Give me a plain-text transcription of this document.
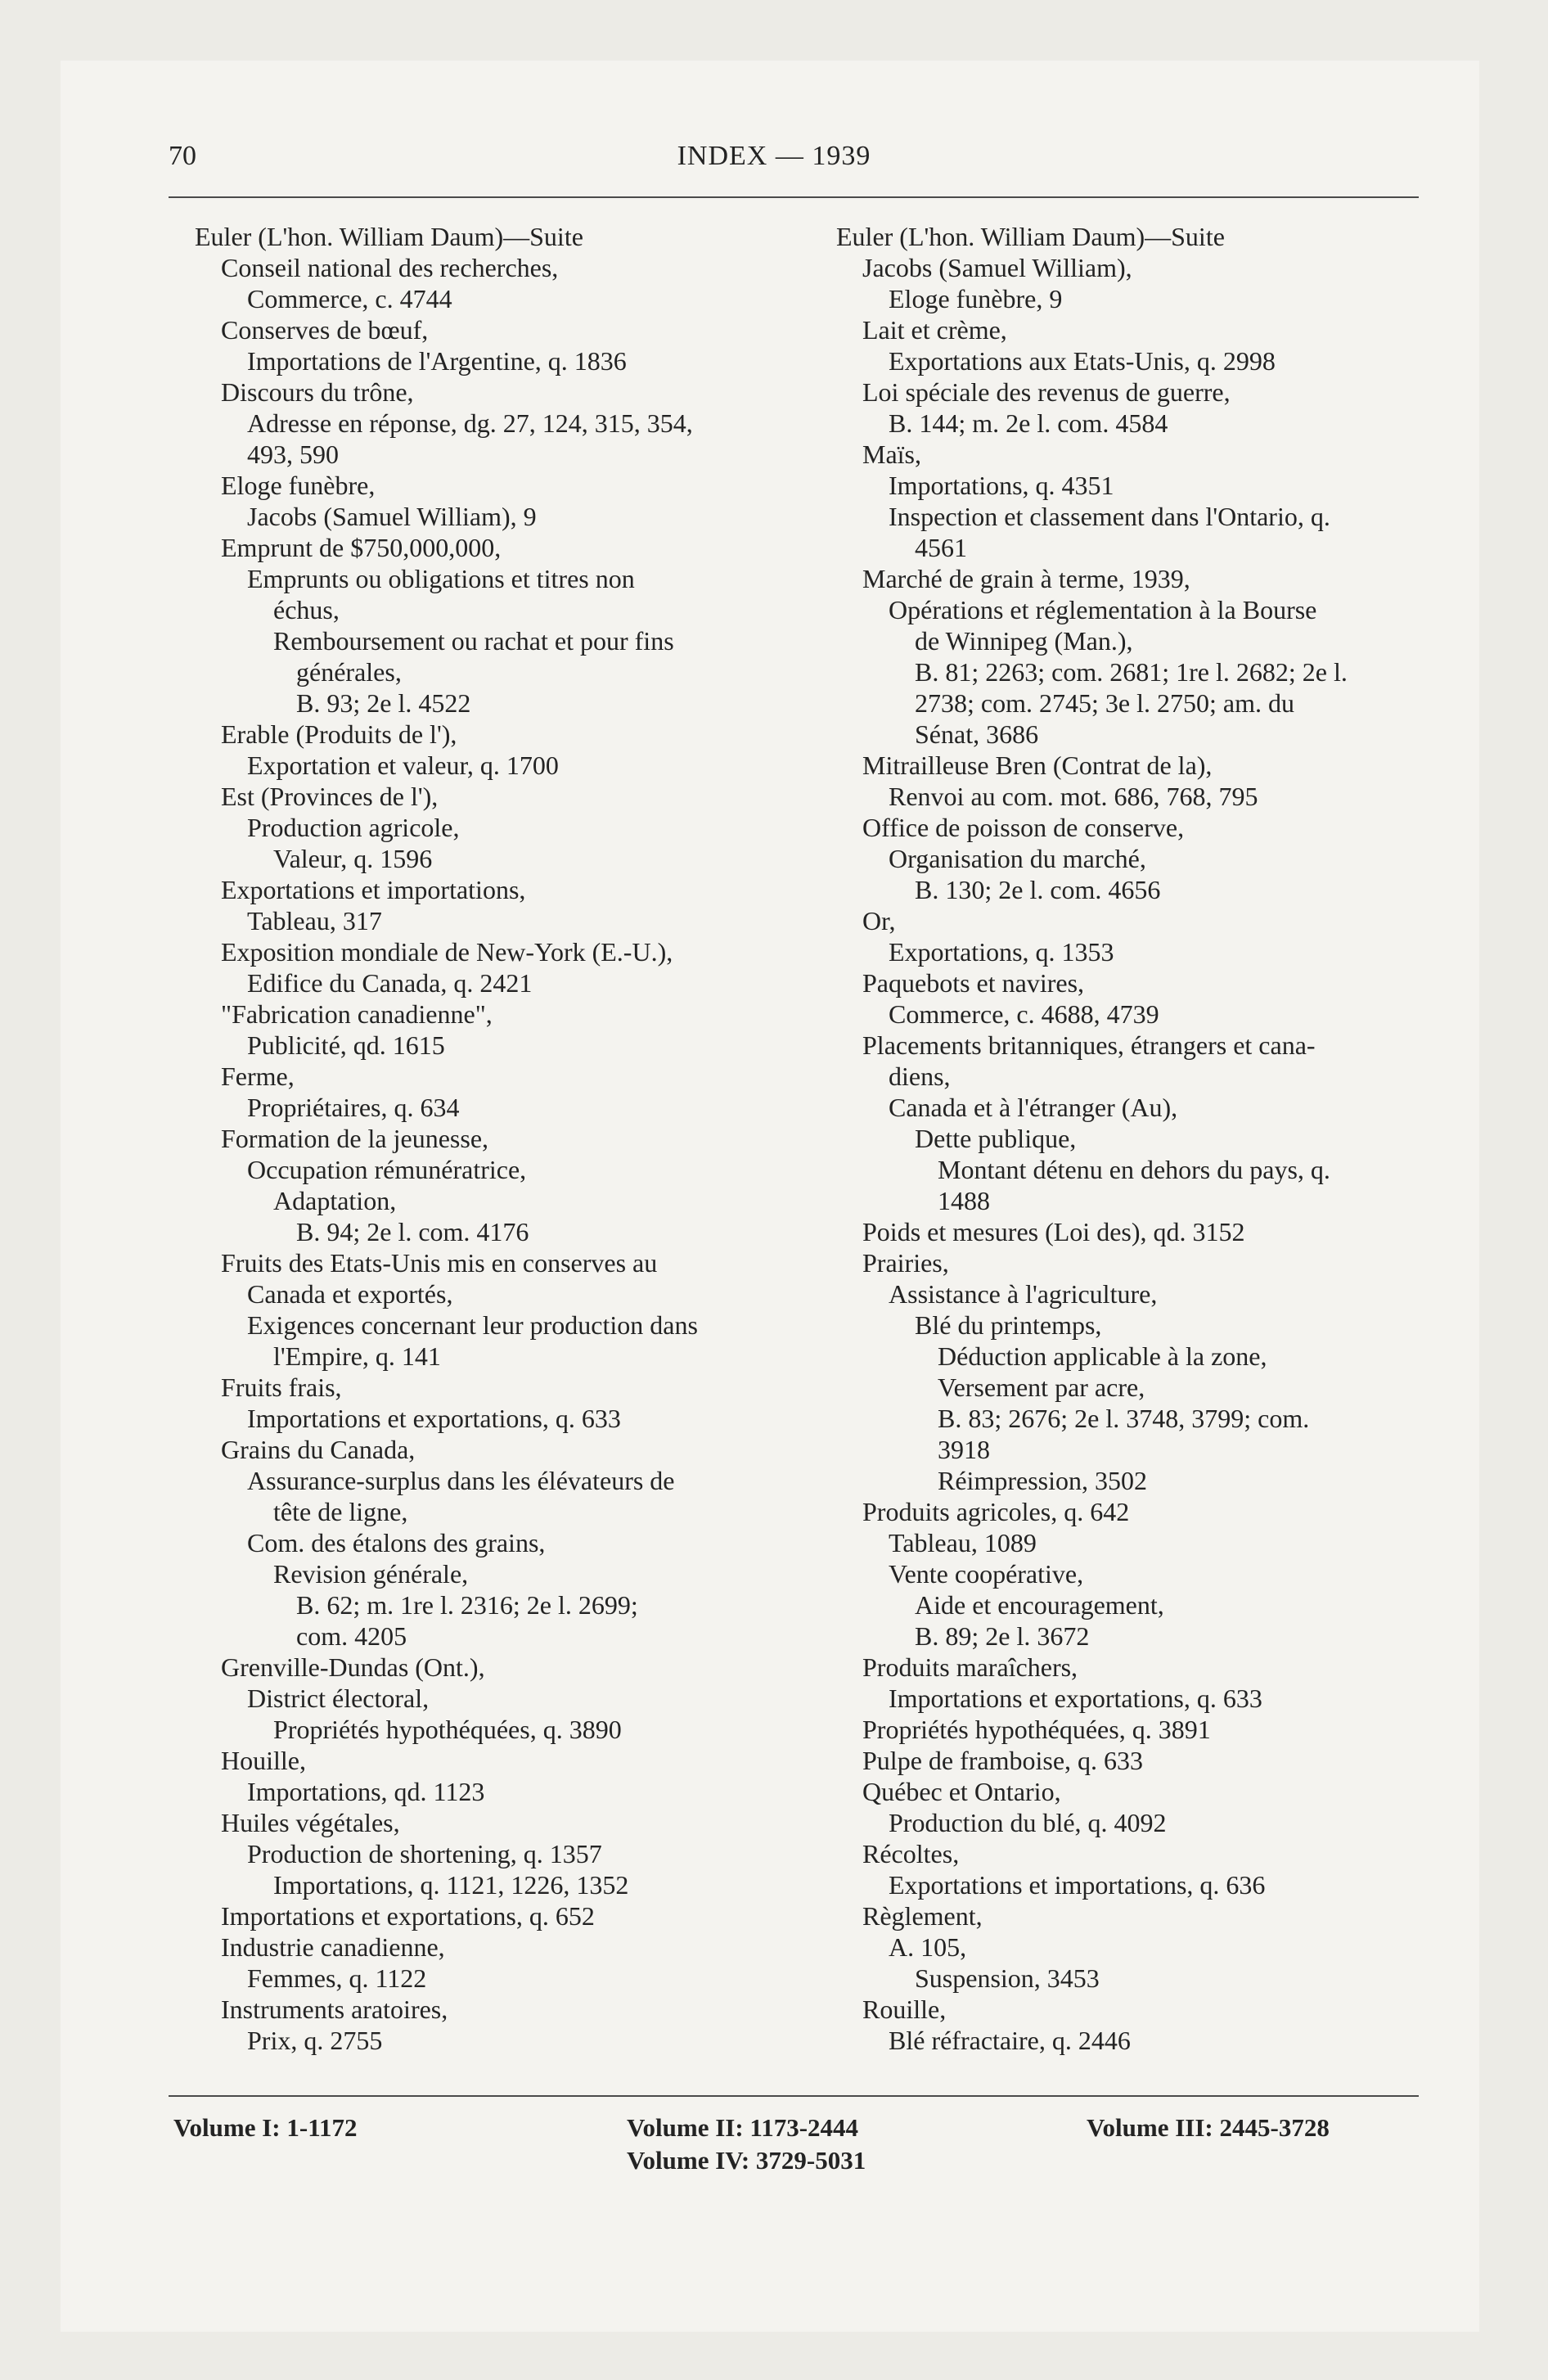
70	INDEX — 1939
Euler (L'hon. William Daum)—Suite
Conseil national des recherches,
Commerce, c. 4744
Conserves de bœuf,
Importations de l'Argentine, q. 1836
Discours du trône,
Adresse en réponse, dg. 27, 124, 315, 354,
493, 590
Eloge funèbre,
Jacobs (Samuel William), 9
Emprunt de $750,000,000,
Emprunts ou obligations et titres non
échus,
Remboursement ou rachat et pour fins
générales,
B. 93; 2e l. 4522
Erable (Produits de l'),
Exportation et valeur, q. 1700
Est (Provinces de l'),
Production agricole,
Valeur, q. 1596
Exportations et importations,
Tableau, 317
Exposition mondiale de New-York (E.-U.),
Edifice du Canada, q. 2421
"Fabrication canadienne",
Publicité, qd. 1615
Ferme,
Propriétaires, q. 634
Formation de la jeunesse,
Occupation rémunératrice,
Adaptation,
B. 94; 2e l. com. 4176
Fruits des Etats-Unis mis en conserves au
Canada et exportés,
Exigences concernant leur production dans
l'Empire, q. 141
Fruits frais,
Importations et exportations, q. 633
Grains du Canada,
Assurance-surplus dans les élévateurs de
tête de ligne,
Com. des étalons des grains,
Revision générale,
B. 62; m. 1re l. 2316; 2e l. 2699;
com. 4205
Grenville-Dundas (Ont.),
District électoral,
Propriétés hypothéquées, q. 3890
Houille,
Importations, qd. 1123
Huiles végétales,
Production de shortening, q. 1357
Importations, q. 1121, 1226, 1352
Importations et exportations, q. 652
Industrie canadienne,
Femmes, q. 1122
Instruments aratoires,
Prix, q. 2755
Euler (L'hon. William Daum)—Suite
Jacobs (Samuel William),
Eloge funèbre, 9
Lait et crème,
Exportations aux Etats-Unis, q. 2998
Loi spéciale des revenus de guerre,
B. 144; m. 2e l. com. 4584
Maïs,
Importations, q. 4351
Inspection et classement dans l'Ontario, q.
4561
Marché de grain à terme, 1939,
Opérations et réglementation à la Bourse
de Winnipeg (Man.),
B. 81; 2263; com. 2681; 1re l. 2682; 2e l.
2738; com. 2745; 3e l. 2750; am. du
Sénat, 3686
Mitrailleuse Bren (Contrat de la),
Renvoi au com. mot. 686, 768, 795
Office de poisson de conserve,
Organisation du marché,
B. 130; 2e l. com. 4656
Or,
Exportations, q. 1353
Paquebots et navires,
Commerce, c. 4688, 4739
Placements britanniques, étrangers et cana-
diens,
Canada et à l'étranger (Au),
Dette publique,
Montant détenu en dehors du pays, q.
1488
Poids et mesures (Loi des), qd. 3152
Prairies,
Assistance à l'agriculture,
Blé du printemps,
Déduction applicable à la zone,
Versement par acre,
B. 83; 2676; 2e l. 3748, 3799; com.
3918
Réimpression, 3502
Produits agricoles, q. 642
Tableau, 1089
Vente coopérative,
Aide et encouragement,
B. 89; 2e l. 3672
Produits maraîchers,
Importations et exportations, q. 633
Propriétés hypothéquées, q. 3891
Pulpe de framboise, q. 633
Québec et Ontario,
Production du blé, q. 4092
Récoltes,
Exportations et importations, q. 636
Règlement,
A. 105,
Suspension, 3453
Rouille,
Blé réfractaire, q. 2446
Volume I: 1-1172	Volume II: 1173-2444	Volume III: 2445-3728
Volume IV: 3729-5031
